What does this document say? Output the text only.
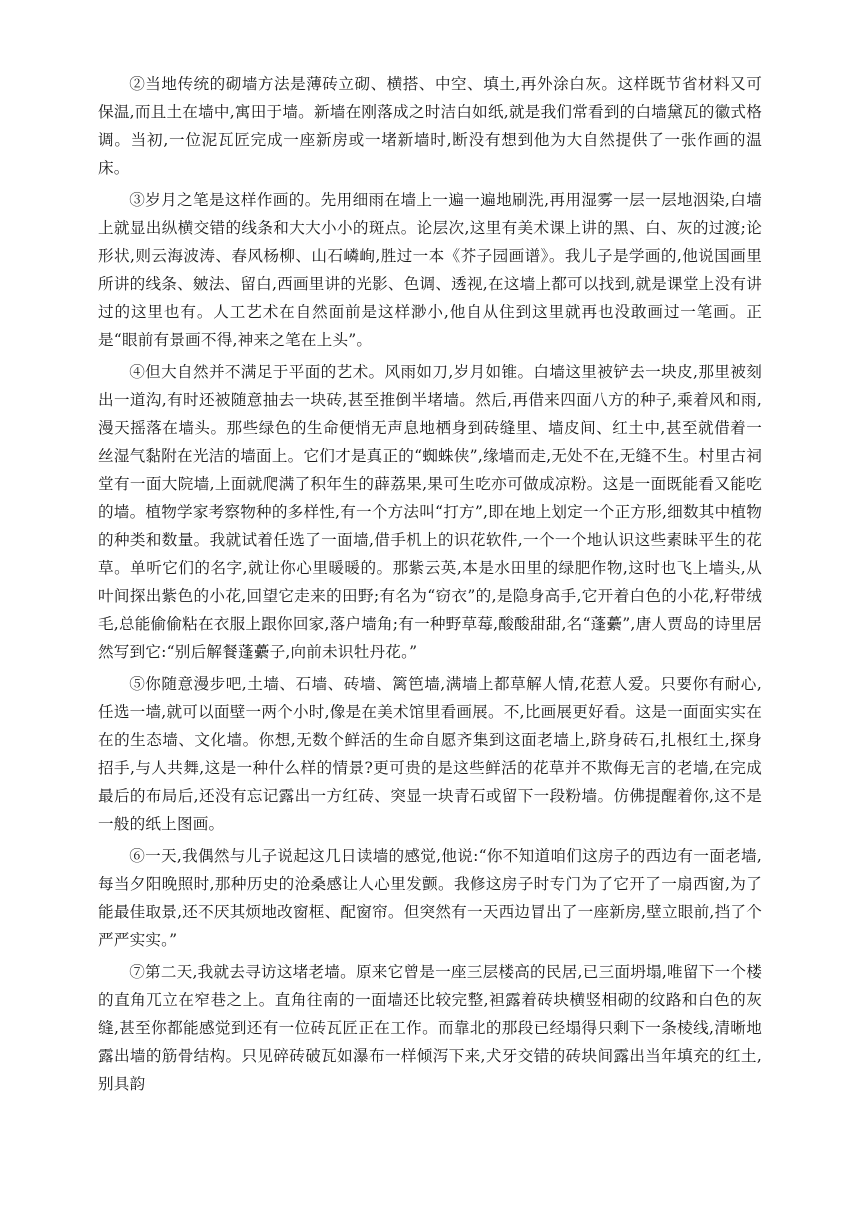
②当地传统的砌墙方法是薄砖立砌、横搭、中空、填土,再外涂白灰。这样既节省材料又可保温,而且土在墙中,寓田于墙。新墙在刚落成之时洁白如纸,就是我们常看到的白墙黛瓦的徽式格调。当初,一位泥瓦匠完成一座新房或一堵新墙时,断没有想到他为大自然提供了一张作画的温床。

③岁月之笔是这样作画的。先用细雨在墙上一遍一遍地刷洗,再用湿雾一层一层地洇染,白墙上就显出纵横交错的线条和大大小小的斑点。论层次,这里有美术课上讲的黑、白、灰的过渡;论形状,则云海波涛、春风杨柳、山石嶙峋,胜过一本《芥子园画谱》。我儿子是学画的,他说国画里所讲的线条、皴法、留白,西画里讲的光影、色调、透视,在这墙上都可以找到,就是课堂上没有讲过的这里也有。人工艺术在自然面前是这样渺小,他自从住到这里就再也没敢画过一笔画。正是“眼前有景画不得,神来之笔在上头”。

④但大自然并不满足于平面的艺术。风雨如刀,岁月如锥。白墙这里被铲去一块皮,那里被刻出一道沟,有时还被随意抽去一块砖,甚至推倒半堵墙。然后,再借来四面八方的种子,乘着风和雨,漫天摇落在墙头。那些绿色的生命便悄无声息地栖身到砖缝里、墙皮间、红土中,甚至就借着一丝湿气黏附在光洁的墙面上。它们才是真正的“蜘蛛侠”,缘墙而走,无处不在,无缝不生。村里古祠堂有一面大院墙,上面就爬满了积年生的薜荔果,果可生吃亦可做成凉粉。这是一面既能看又能吃的墙。植物学家考察物种的多样性,有一个方法叫“打方”,即在地上划定一个正方形,细数其中植物的种类和数量。我就试着任选了一面墙,借手机上的识花软件,一个一个地认识这些素昧平生的花草。单听它们的名字,就让你心里暖暖的。那紫云英,本是水田里的绿肥作物,这时也飞上墙头,从叶间探出紫色的小花,回望它走来的田野;有名为“窃衣”的,是隐身高手,它开着白色的小花,籽带绒毛,总能偷偷粘在衣服上跟你回家,落户墙角;有一种野草莓,酸酸甜甜,名“蓬虆”,唐人贾岛的诗里居然写到它:“别后解餐蓬虆子,向前未识牡丹花。”

⑤你随意漫步吧,土墙、石墙、砖墙、篱笆墙,满墙上都草解人情,花惹人爱。只要你有耐心,任选一墙,就可以面壁一两个小时,像是在美术馆里看画展。不,比画展更好看。这是一面面实实在在的生态墙、文化墙。你想,无数个鲜活的生命自愿齐集到这面老墙上,跻身砖石,扎根红土,探身招手,与人共舞,这是一种什么样的情景?更可贵的是这些鲜活的花草并不欺侮无言的老墙,在完成最后的布局后,还没有忘记露出一方红砖、突显一块青石或留下一段粉墙。仿佛提醒着你,这不是一般的纸上图画。

⑥一天,我偶然与儿子说起这几日读墙的感觉,他说:“你不知道咱们这房子的西边有一面老墙,每当夕阳晚照时,那种历史的沧桑感让人心里发颤。我修这房子时专门为了它开了一扇西窗,为了能最佳取景,还不厌其烦地改窗框、配窗帘。但突然有一天西边冒出了一座新房,壁立眼前,挡了个严严实实。”

⑦第二天,我就去寻访这堵老墙。原来它曾是一座三层楼高的民居,已三面坍塌,唯留下一个楼的直角兀立在窄巷之上。直角往南的一面墙还比较完整,袒露着砖块横竖相砌的纹路和白色的灰缝,甚至你都能感觉到还有一位砖瓦匠正在工作。而靠北的那段已经塌得只剩下一条棱线,清晰地露出墙的筋骨结构。只见碎砖破瓦如瀑布一样倾泻下来,犬牙交错的砖块间露出当年填充的红土,别具韵
